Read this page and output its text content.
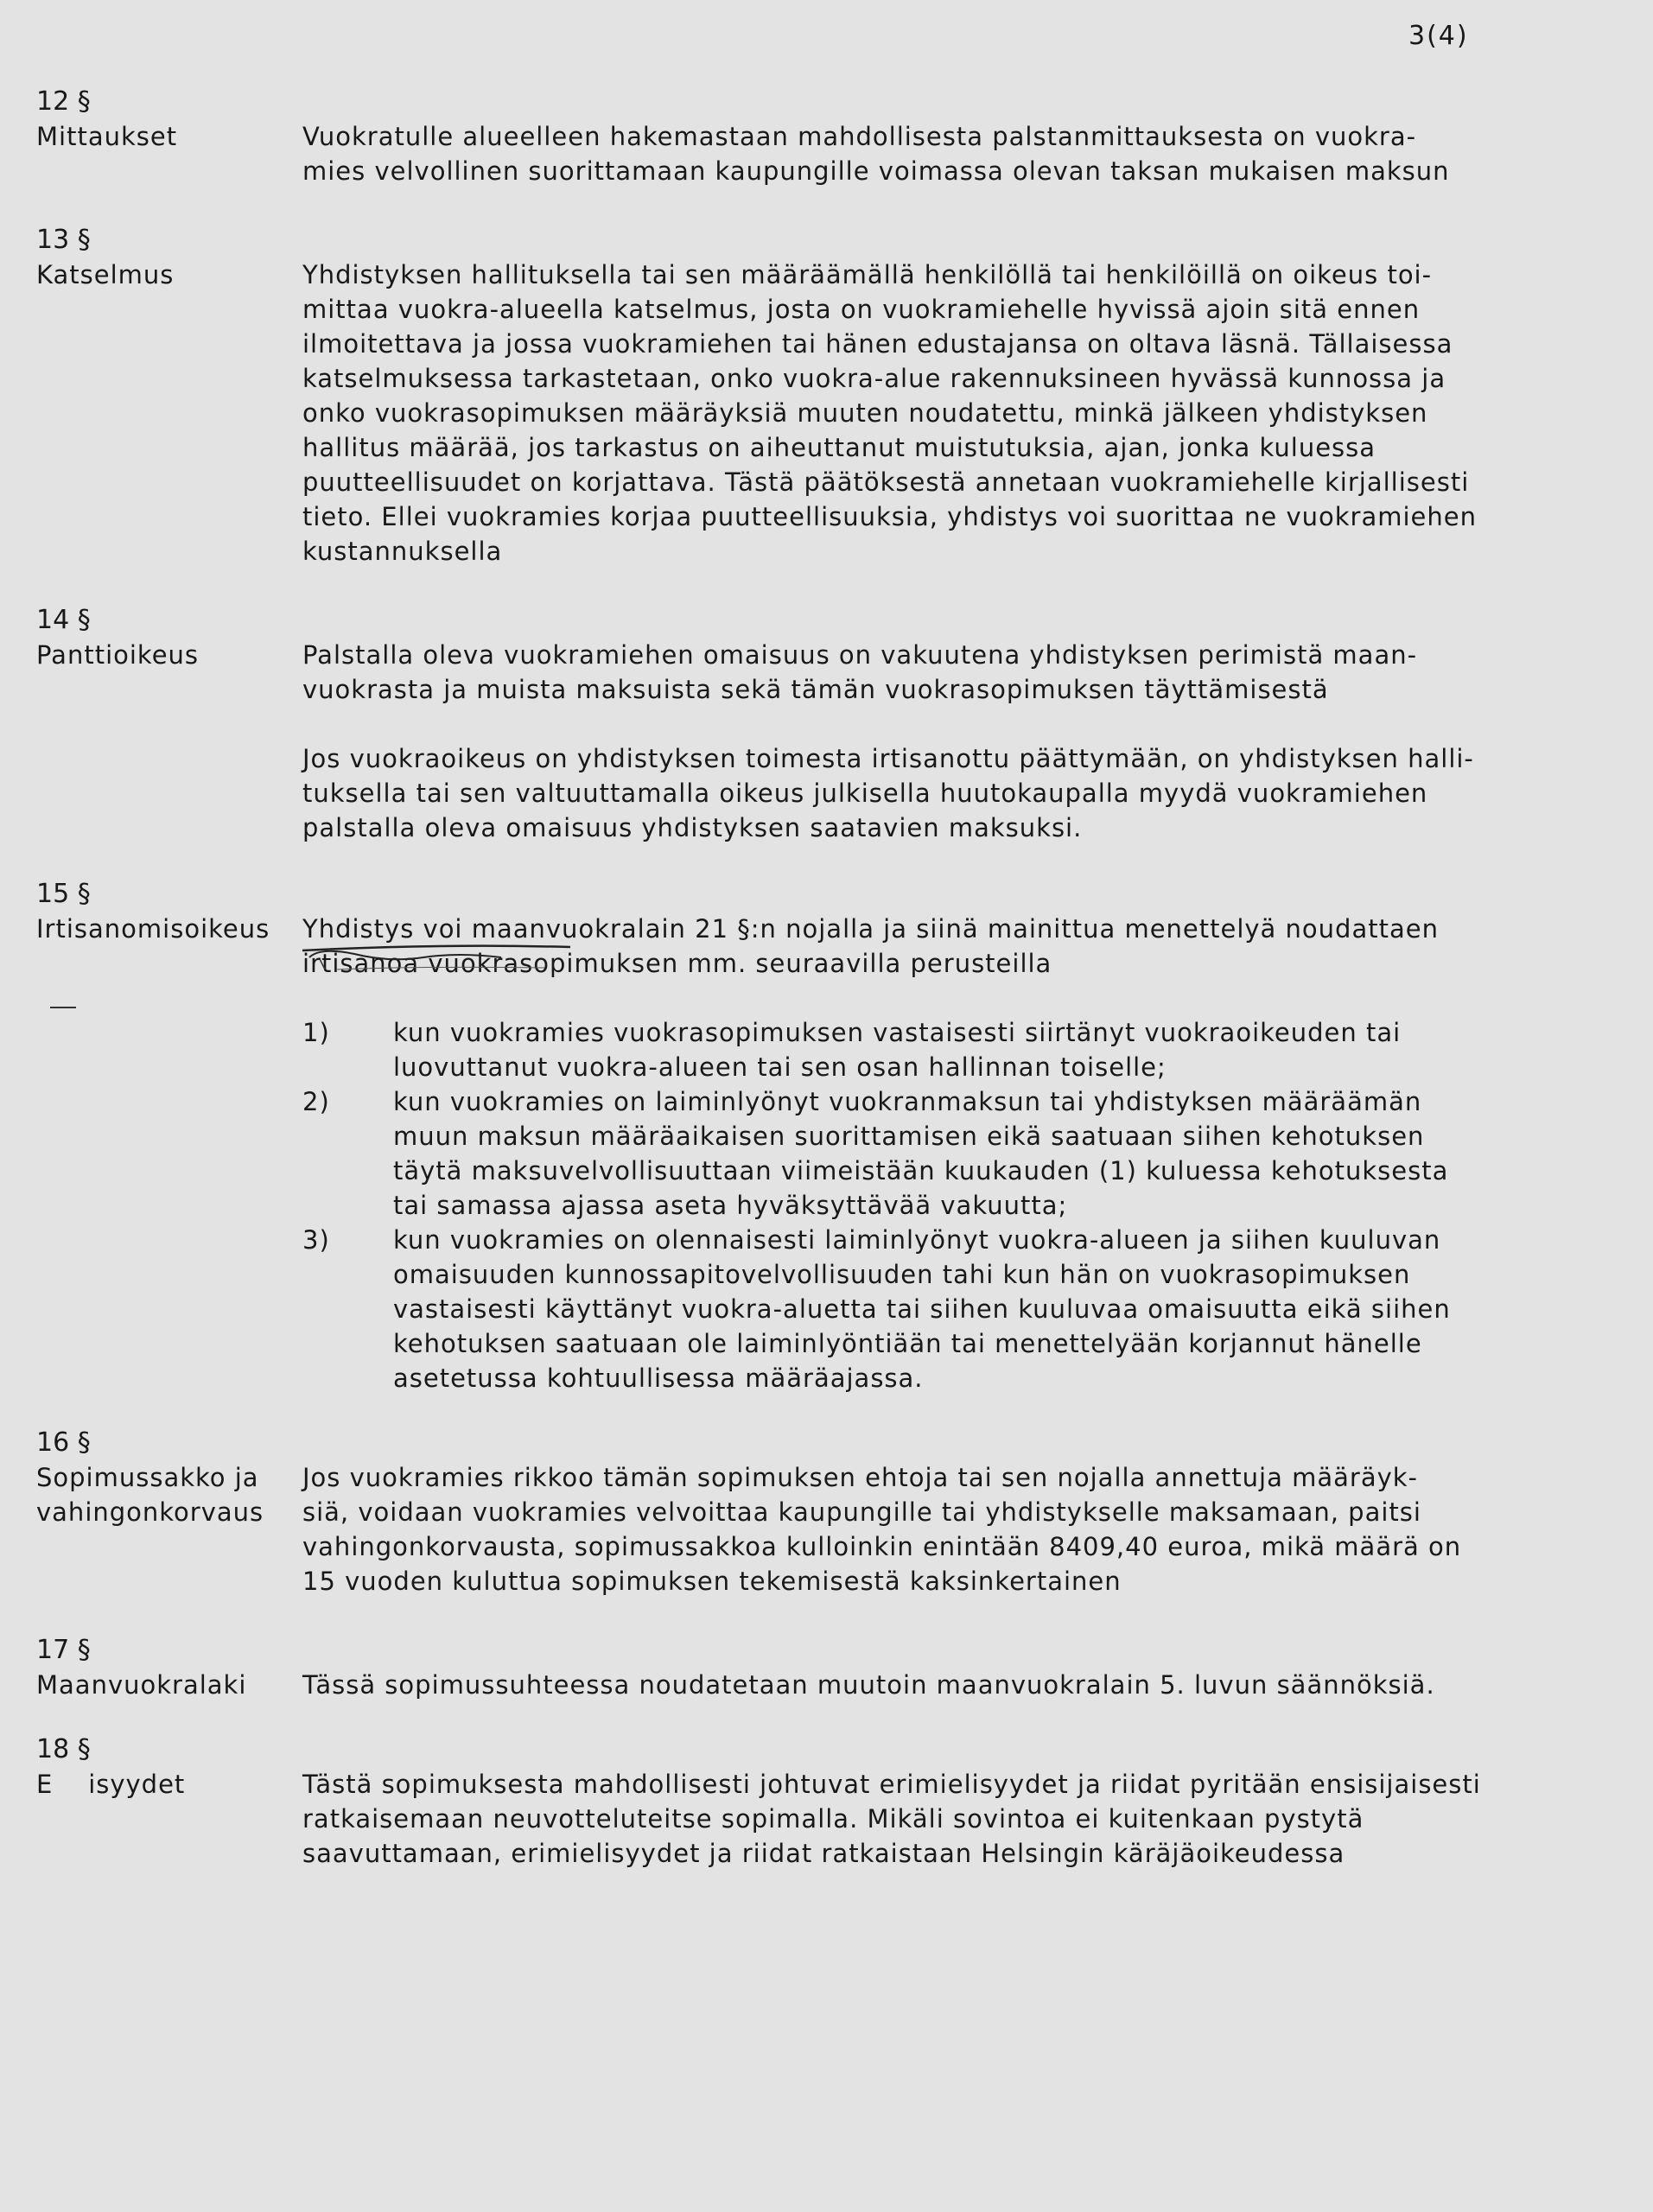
3(4)
12 §
Mittaukset	Vuokratulle alueelleen hakemastaan mahdollisesta palstanmittauksesta on vuokra-
mies velvollinen suorittamaan kaupungille voimassa olevan taksan mukaisen maksun

13 §
Katselmus	Yhdistyksen hallituksella tai sen määräämällä henkilöllä tai henkilöillä on oikeus toi-
mittaa vuokra-alueella katselmus, josta on vuokramiehelle hyvissä ajoin sitä ennen
ilmoitettava ja jossa vuokramiehen tai hänen edustajansa on oltava läsnä. Tällaisessa
katselmuksessa tarkastetaan, onko vuokra-alue rakennuksineen hyvässä kunnossa ja
onko vuokrasopimuksen määräyksiä muuten noudatettu, minkä jälkeen yhdistyksen
hallitus määrää, jos tarkastus on aiheuttanut muistutuksia, ajan, jonka kuluessa
puutteellisuudet on korjattava. Tästä päätöksestä annetaan vuokramiehelle kirjallisesti
tieto. Ellei vuokramies korjaa puutteellisuuksia, yhdistys voi suorittaa ne vuokramiehen
kustannuksella

14 §
Panttioikeus	Palstalla oleva vuokramiehen omaisuus on vakuutena yhdistyksen perimistä maan-
vuokrasta ja muista maksuista sekä tämän vuokrasopimuksen täyttämisestä

Jos vuokraoikeus on yhdistyksen toimesta irtisanottu päättymään, on yhdistyksen halli-
tuksella tai sen valtuuttamalla oikeus julkisella huutokaupalla myydä vuokramiehen
palstalla oleva omaisuus yhdistyksen saatavien maksuksi.

15 §
Irtisanomisoikeus	Yhdistys voi maanvuokralain 21 §:n nojalla ja siinä mainittua menettelyä noudattaen
irtisanoa vuokrasopimuksen mm. seuraavilla perusteilla

1)	kun vuokramies vuokrasopimuksen vastaisesti siirtänyt vuokraoikeuden tai
luovuttanut vuokra-alueen tai sen osan hallinnan toiselle;
2)	kun vuokramies on laiminlyönyt vuokranmaksun tai yhdistyksen määräämän
muun maksun määräaikaisen suorittamisen eikä saatuaan siihen kehotuksen
täytä maksuvelvollisuuttaan viimeistään kuukauden (1) kuluessa kehotuksesta
tai samassa ajassa aseta hyväksyttävää vakuutta;
3)	kun vuokramies on olennaisesti laiminlyönyt vuokra-alueen ja siihen kuuluvan
omaisuuden kunnossapitovelvollisuuden tahi kun hän on vuokrasopimuksen
vastaisesti käyttänyt vuokra-aluetta tai siihen kuuluvaa omaisuutta eikä siihen
kehotuksen saatuaan ole laiminlyöntiään tai menettelyään korjannut hänelle
asetetussa kohtuullisessa määräajassa.
16 §
Sopimussakko ja
vahingonkorvaus

Jos vuokramies rikkoo tämän sopimuksen ehtoja tai sen nojalla annettuja määräyk-
siä, voidaan vuokramies velvoittaa kaupungille tai yhdistykselle maksamaan, paitsi
vahingonkorvausta, sopimussakkoa kulloinkin enintään 8409,40 euroa, mikä määrä on
15 vuoden kuluttua sopimuksen tekemisestä kaksinkertainen

17 §
Maanvuokralaki	Tässä sopimussuhteessa noudatetaan muutoin maanvuokralain 5. luvun säännöksiä.

18 §
E    isyydet	Tästä sopimuksesta mahdollisesti johtuvat erimielisyydet ja riidat pyritään ensisijaisesti
ratkaisemaan neuvotteluteitse sopimalla. Mikäli sovintoa ei kuitenkaan pystytä
saavuttamaan, erimielisyydet ja riidat ratkaistaan Helsingin käräjäoikeudessa
